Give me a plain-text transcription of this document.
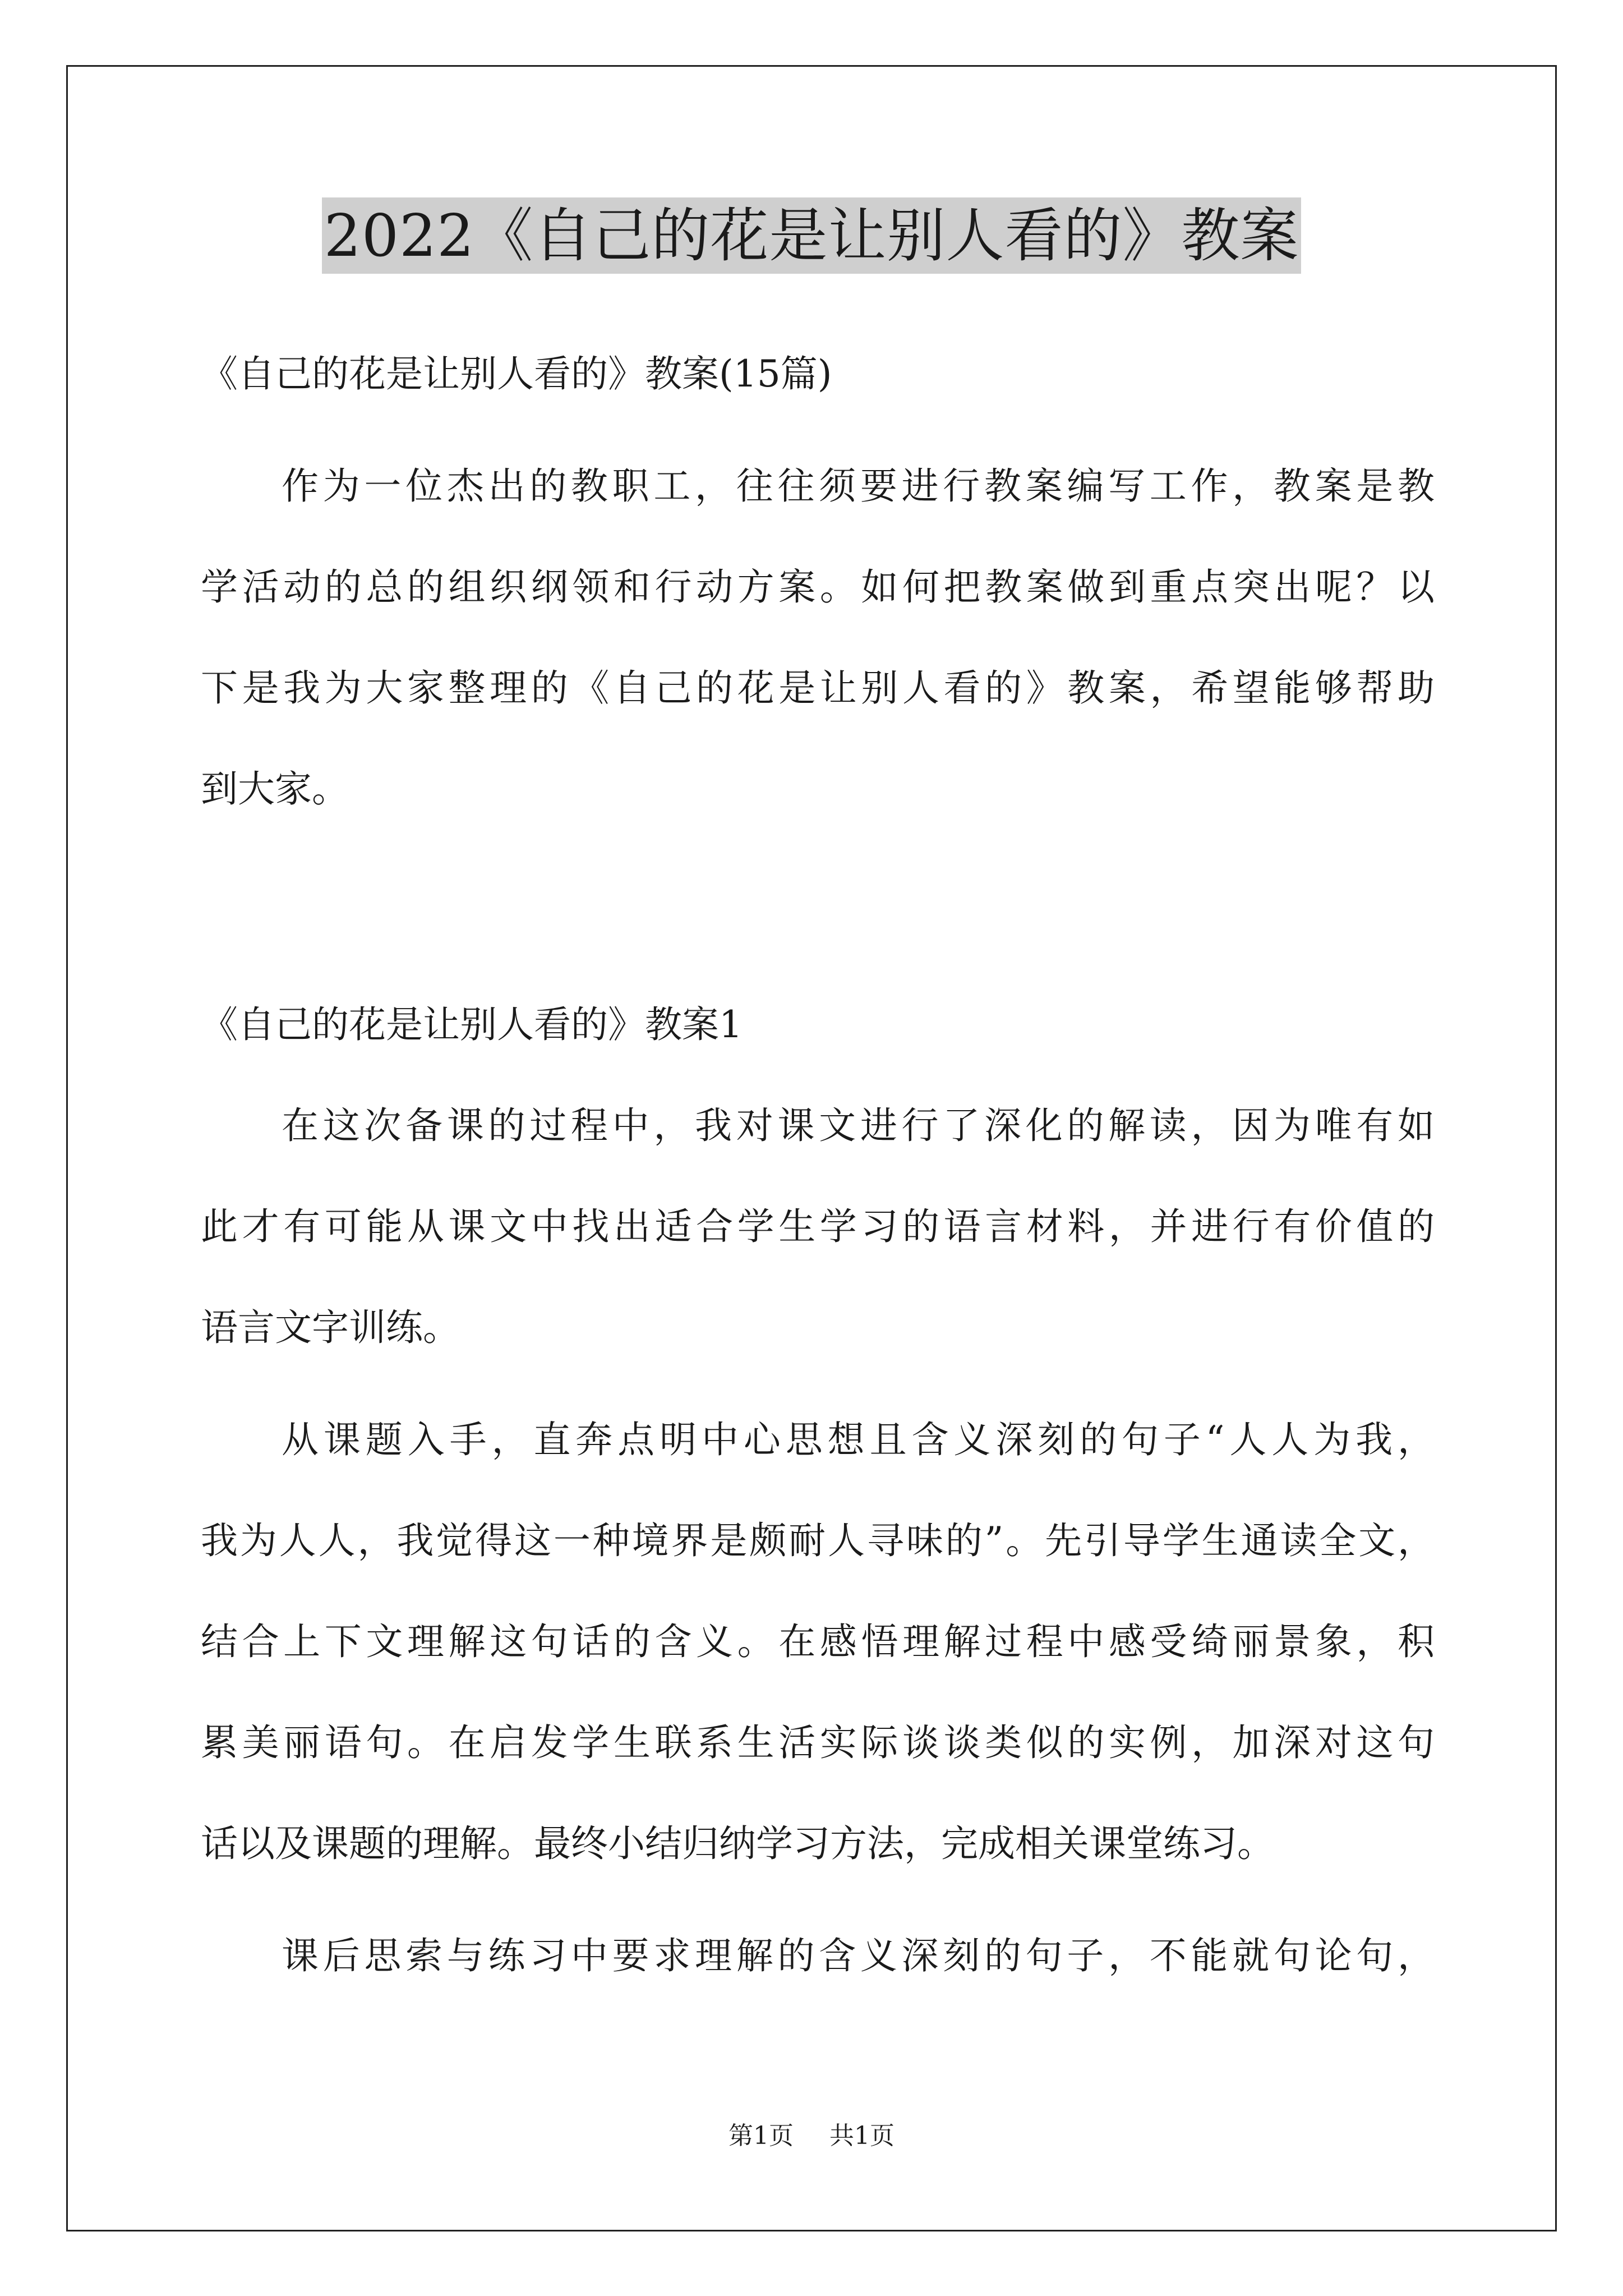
2022《自己的花是让别人看的》教案
《自己的花是让别人看的》教案(15篇)
作为一位杰出的教职工，往往须要进行教案编写工作，教案是教
学活动的总的组织纲领和行动方案。如何把教案做到重点突出呢？以
下是我为大家整理的《自己的花是让别人看的》教案，希望能够帮助
到大家。
《自己的花是让别人看的》教案1
在这次备课的过程中，我对课文进行了深化的解读，因为唯有如
此才有可能从课文中找出适合学生学习的语言材料，并进行有价值的
语言文字训练。
从课题入手，直奔点明中心思想且含义深刻的句子“人人为我，
我为人人，我觉得这一种境界是颇耐人寻味的”。先引导学生通读全文，
结合上下文理解这句话的含义。在感悟理解过程中感受绮丽景象，积
累美丽语句。在启发学生联系生活实际谈谈类似的实例，加深对这句
话以及课题的理解。最终小结归纳学习方法，完成相关课堂练习。
课后思索与练习中要求理解的含义深刻的句子，不能就句论句，
第1页 共1页
